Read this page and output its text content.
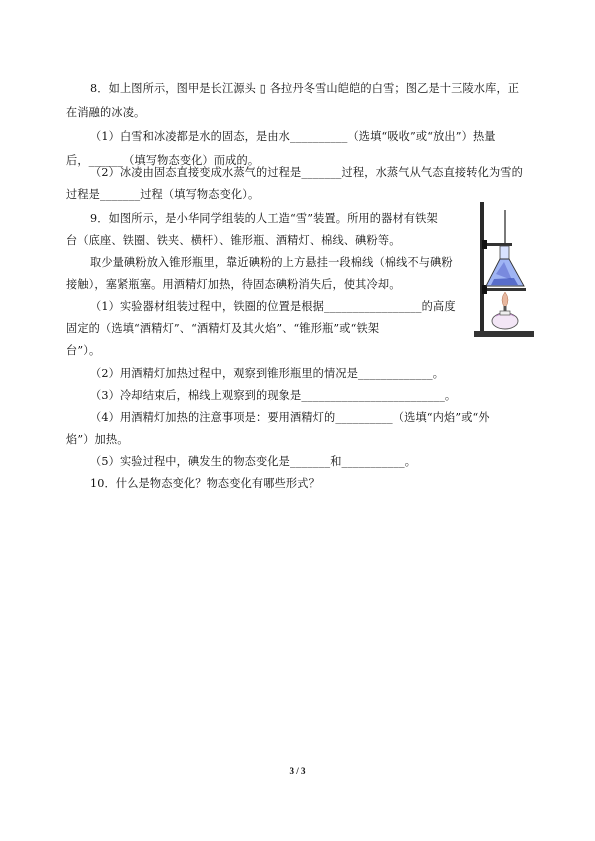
8．如上图所示，图甲是长江源头 ▯ 各拉丹冬雪山皑皑的白雪；图乙是十三陵水库，正
在消融的冰凌。
（1）白雪和冰凌都是水的固态，是由水__________（选填“吸收”或“放出”）热量
后，______（填写物态变化）而成的。
（2）冰凌由固态直接变成水蒸气的过程是_______过程，水蒸气从气态直接转化为雪的
过程是_______过程（填写物态变化）。
9．如图所示，是小华同学组装的人工造“雪”装置。所用的器材有铁架
台（底座、铁圈、铁夹、横杆）、锥形瓶、酒精灯、棉线、碘粉等。
取少量碘粉放入锥形瓶里，靠近碘粉的上方悬挂一段棉线（棉线不与碘粉
接触），塞紧瓶塞。用酒精灯加热，待固态碘粉消失后，使其冷却。
（1）实验器材组装过程中，铁圈的位置是根据_________________的高度
固定的（选填“酒精灯”、“酒精灯及其火焰”、“锥形瓶”或“铁架
台”）。
（2）用酒精灯加热过程中，观察到锥形瓶里的情况是_____________。
（3）冷却结束后，棉线上观察到的现象是_________________________。
（4）用酒精灯加热的注意事项是：要用酒精灯的__________（选填“内焰”或“外
焰”）加热。
（5）实验过程中，碘发生的物态变化是_______和___________。
10．什么是物态变化？物态变化有哪些形式？
3 / 3
